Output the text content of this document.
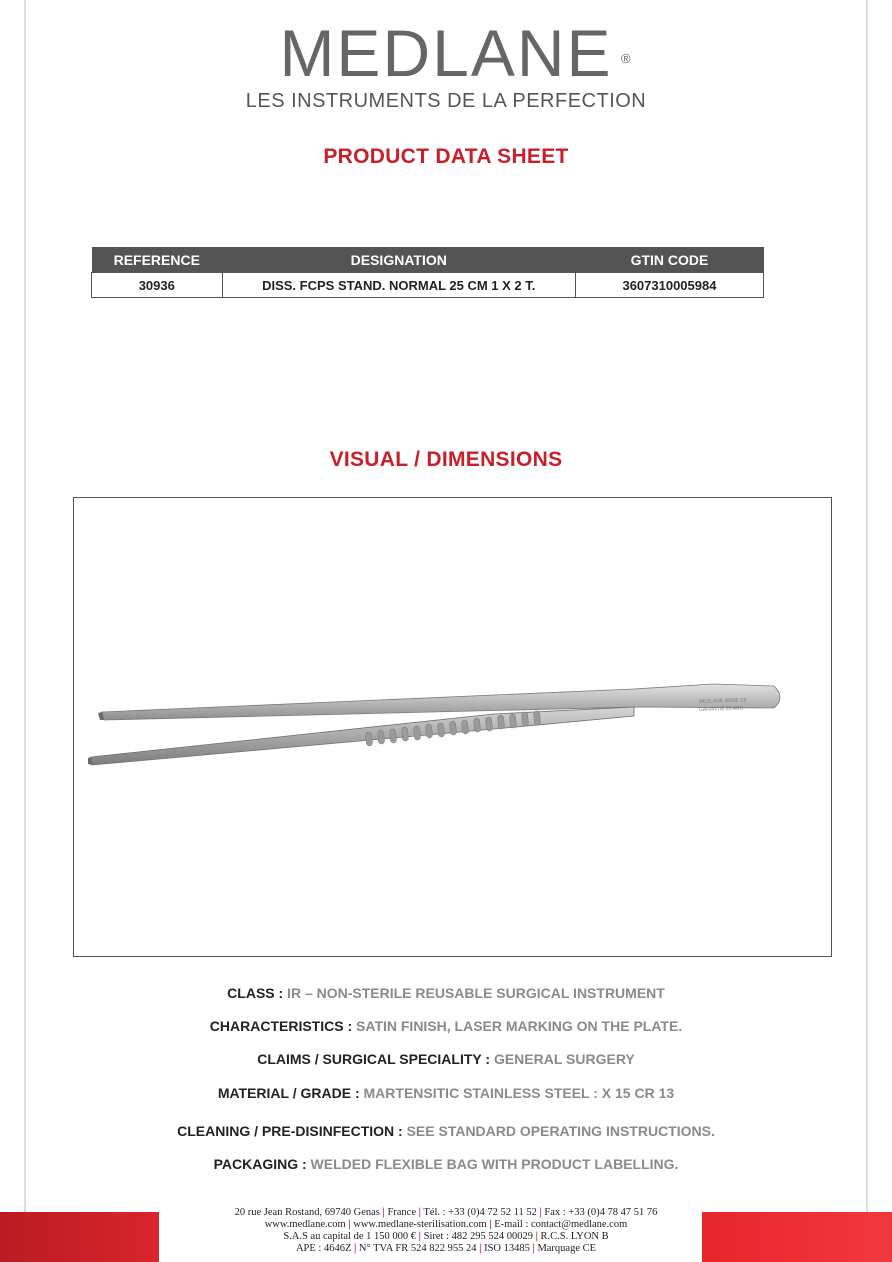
MEDLANE ®
LES INSTRUMENTS DE LA PERFECTION
PRODUCT DATA SHEET
REFERENCE	DESIGNATION	GTIN CODE
30936	DISS. FCPS STAND. NORMAL 25 CM 1 X 2 T.	3607310005984
VISUAL / DIMENSIONS
MEDLANE 30936 CE
GARANTIE 20 ANS
CLASS : IR – NON-STERILE REUSABLE SURGICAL INSTRUMENT
CHARACTERISTICS : SATIN FINISH, LASER MARKING ON THE PLATE.
CLAIMS / SURGICAL SPECIALITY : GENERAL SURGERY
MATERIAL / GRADE : MARTENSITIC STAINLESS STEEL : X 15 CR 13
CLEANING / PRE-DISINFECTION : SEE STANDARD OPERATING INSTRUCTIONS.
PACKAGING : WELDED FLEXIBLE BAG WITH PRODUCT LABELLING.
20 rue Jean Rostand, 69740 Genas | France | Tél. : +33 (0)4 72 52 11 52 | Fax : +33 (0)4 78 47 51 76
www.medlane.com | www.medlane-sterilisation.com | E-mail : contact@medlane.com
S.A.S au capital de 1 150 000 € | Siret : 482 295 524 00029 | R.C.S. LYON B
APE : 4646Z | N° TVA FR 524 822 955 24 | ISO 13485 | Marquage CE
